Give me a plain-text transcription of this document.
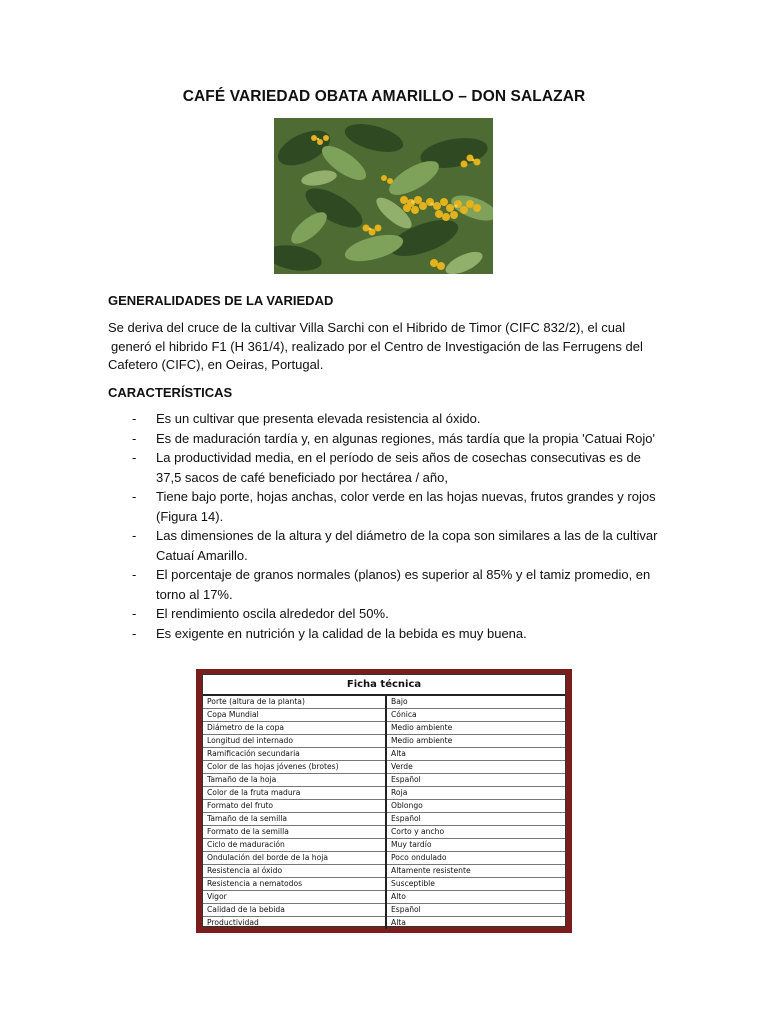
CAFÉ VARIEDAD OBATA AMARILLO – DON SALAZAR
GENERALIDADES DE LA VARIEDAD
Se deriva del cruce de la cultivar Villa Sarchi con el Hibrido de Timor (CIFC 832/2), el cual
generó el hibrido F1 (H 361/4), realizado por el Centro de Investigación de las Ferrugens del
Cafetero (CIFC), en Oeiras, Portugal.
CARACTERÍSTICAS
- Es un cultivar que presenta elevada resistencia al óxido.
- Es de maduración tardía y, en algunas regiones, más tardía que la propia 'Catuai Rojo'
- La productividad media, en el período de seis años de cosechas consecutivas es de 37,5 sacos de café beneficiado por hectárea / año,
- Tiene bajo porte, hojas anchas, color verde en las hojas nuevas, frutos grandes y rojos (Figura 14).
- Las dimensiones de la altura y del diámetro de la copa son similares a las de la cultivar Catuaí Amarillo.
- El porcentaje de granos normales (planos) es superior al 85% y el tamiz promedio, en torno al 17%.
- El rendimiento oscila alrededor del 50%.
- Es exigente en nutrición y la calidad de la bebida es muy buena.
Ficha técnica
Porte (altura de la planta)	Bajo
Copa Mundial	Cónica
Diámetro de la copa	Medio ambiente
Longitud del internado	Medio ambiente
Ramificación secundaria	Alta
Color de las hojas jóvenes (brotes)	Verde
Tamaño de la hoja	Español
Color de la fruta madura	Roja
Formato del fruto	Oblongo
Tamaño de la semilla	Español
Formato de la semilla	Corto y ancho
Ciclo de maduración	Muy tardío
Ondulación del borde de la hoja	Poco ondulado
Resistencia al óxido	Altamente resistente
Resistencia a nematodos	Susceptible
Vigor	Alto
Calidad de la bebida	Español
Productividad	Alta
